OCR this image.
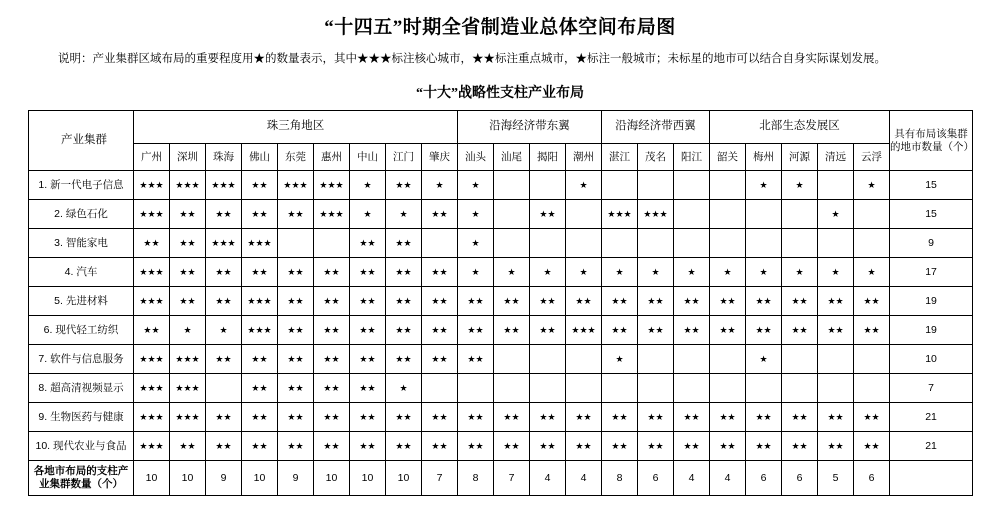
“十四五”时期全省制造业总体空间布局图
说明：产业集群区域布局的重要程度用★的数量表示，其中★★★标注核心城市，★★标注重点城市，★标注一般城市；未标星的地市可以结合自身实际谋划发展。
“十大”战略性支柱产业布局
产业集群	珠三角地区									沿海经济带东翼				沿海经济带西翼			北部生态发展区					具有布局该集群的地市数量（个）
	广州	深圳	珠海	佛山	东莞	惠州	中山	江门	肇庆	汕头	汕尾	揭阳	潮州	湛江	茂名	阳江	韶关	梅州	河源	清远	云浮	
1. 新一代电子信息	★★★	★★★	★★★	★★	★★★	★★★	★	★★	★	★			★					★	★		★	15
2. 绿色石化	★★★	★★	★★	★★	★★	★★★	★	★	★★	★		★★		★★★	★★★					★		15
3. 智能家电	★★	★★	★★★	★★★			★★	★★		★												9
4. 汽车	★★★	★★	★★	★★	★★	★★	★★	★★	★★	★	★	★	★	★	★	★	★	★	★	★	★	17
5. 先进材料	★★★	★★	★★	★★★	★★	★★	★★	★★	★★	★★	★★	★★	★★	★★	★★	★★	★★	★★	★★	★★	★★	19
6. 现代轻工纺织	★★	★	★	★★★	★★	★★	★★	★★	★★	★★	★★	★★	★★★	★★	★★	★★	★★	★★	★★	★★	★★	19
7. 软件与信息服务	★★★	★★★	★★	★★	★★	★★	★★	★★	★★	★★				★				★				10
8. 超高清视频显示	★★★	★★★		★★	★★	★★	★★	★														7
9. 生物医药与健康	★★★	★★★	★★	★★	★★	★★	★★	★★	★★	★★	★★	★★	★★	★★	★★	★★	★★	★★	★★	★★	★★	21
10. 现代农业与食品	★★★	★★	★★	★★	★★	★★	★★	★★	★★	★★	★★	★★	★★	★★	★★	★★	★★	★★	★★	★★	★★	21
各地市布局的支柱产业集群数量（个）	10	10	9	10	9	10	10	10	7	8	7	4	4	8	6	4	4	6	6	5	6	
